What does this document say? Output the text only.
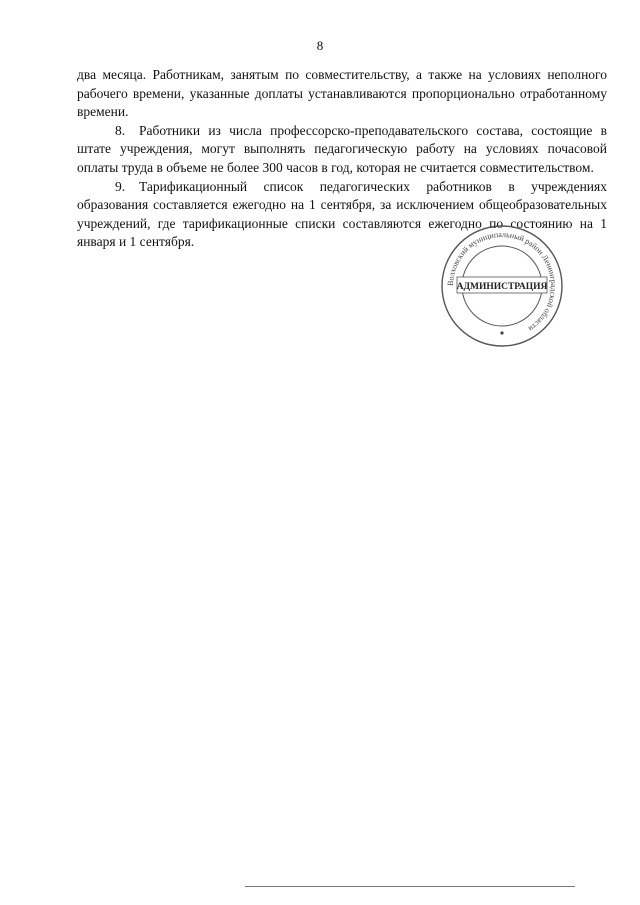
8

два месяца. Работникам, занятым по совместительству, а также на условиях неполного рабочего времени, указанные доплаты устанавливаются пропорционально отработанному времени.

8. Работники из числа профессорско-преподавательского состава, состоящие в штате учреждения, могут выполнять педагогическую работу на условиях почасовой оплаты труда в объеме не более 300 часов в год, которая не считается совместительством.

9. Тарификационный список педагогических работников в учреждениях образования составляется ежегодно на 1 сентября, за исключением общеобразовательных учреждений, где тарификационные списки составляются ежегодно по состоянию на 1 января и 1 сентября.

Волховский муниципальный район Ленинградской области
АДМИНИСТРАЦИЯ
